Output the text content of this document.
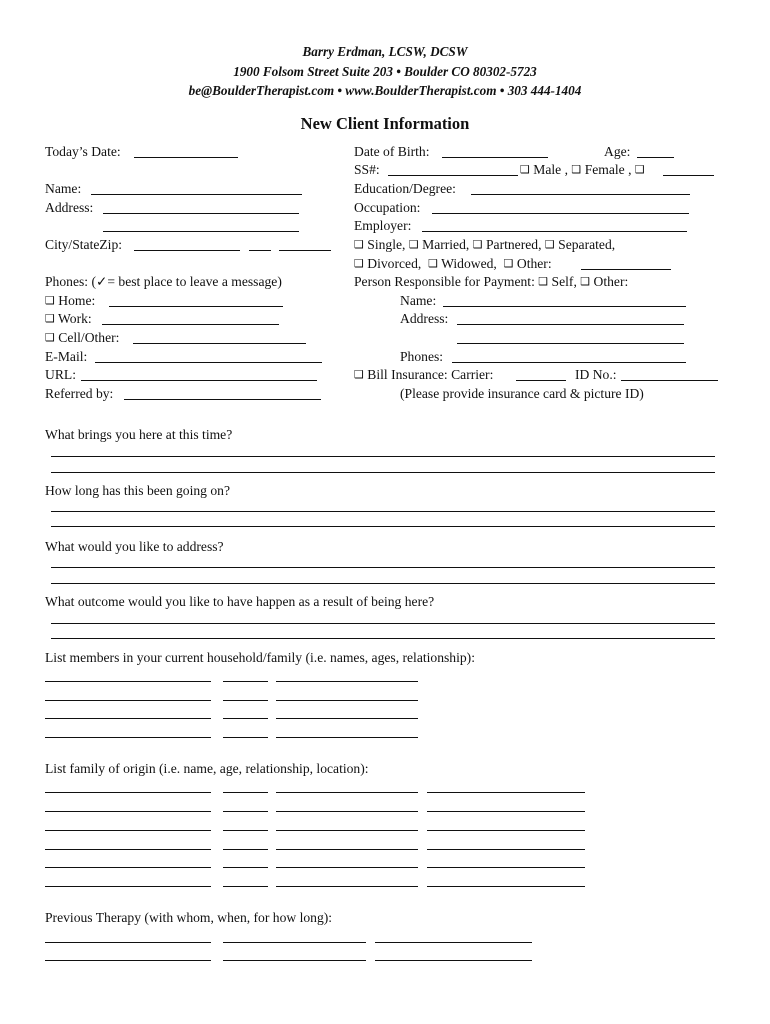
Barry Erdman, LCSW, DCSW
1900 Folsom Street Suite 203 • Boulder CO 80302-5723
be@BoulderTherapist.com • www.BoulderTherapist.com • 303 444-1404
New Client Information
Today’s Date:
Name:
Address:
City/StateZip:
Phones: (✓= best place to leave a message)
❑ Home:
❑ Work:
❑ Cell/Other:
E-Mail:
URL:
Referred by:
Date of Birth:	Age:
SS#:	❑ Male , ❑ Female , ❑
Education/Degree:
Occupation:
Employer:
❑ Single, ❑ Married, ❑ Partnered, ❑ Separated,
❑ Divorced, ❑ Widowed, ❑ Other:
Person Responsible for Payment: ❑ Self, ❑ Other:
Name:
Address:
Phones:
❑ Bill Insurance: Carrier:	ID No.:
(Please provide insurance card & picture ID)
What brings you here at this time?
How long has this been going on?
What would you like to address?
What outcome would you like to have happen as a result of being here?
List members in your current household/family (i.e. names, ages, relationship):
List family of origin (i.e. name, age, relationship, location):
Previous Therapy (with whom, when, for how long):
